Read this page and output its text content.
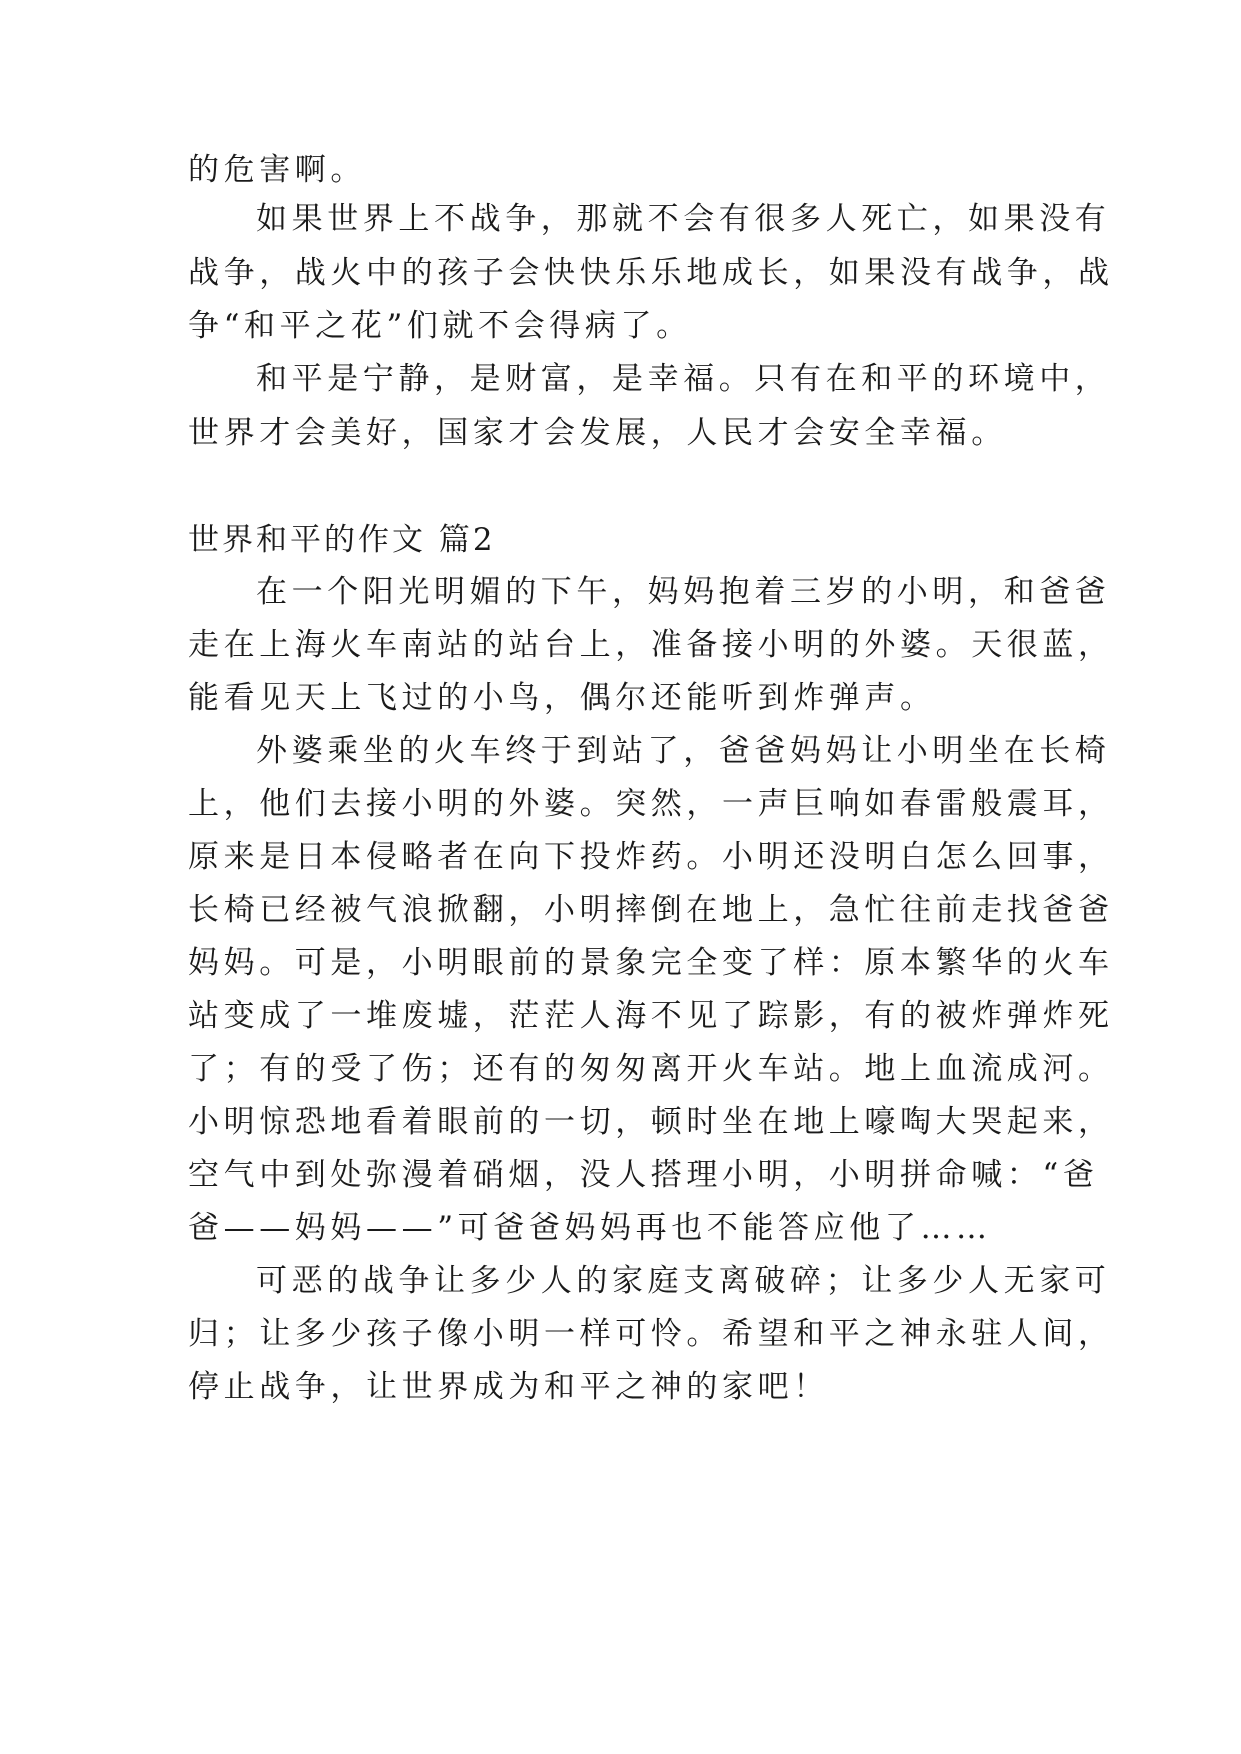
的危害啊。
如果世界上不战争，那就不会有很多人死亡，如果没有
战争，战火中的孩子会快快乐乐地成长，如果没有战争，战
争“和平之花”们就不会得病了。
和平是宁静，是财富，是幸福。只有在和平的环境中，
世界才会美好，国家才会发展，人民才会安全幸福。
世界和平的作文 篇2
在一个阳光明媚的下午，妈妈抱着三岁的小明，和爸爸
走在上海火车南站的站台上，准备接小明的外婆。天很蓝，
能看见天上飞过的小鸟，偶尔还能听到炸弹声。
外婆乘坐的火车终于到站了，爸爸妈妈让小明坐在长椅
上，他们去接小明的外婆。突然，一声巨响如春雷般震耳，
原来是日本侵略者在向下投炸药。小明还没明白怎么回事，
长椅已经被气浪掀翻，小明摔倒在地上，急忙往前走找爸爸
妈妈。可是，小明眼前的景象完全变了样：原本繁华的火车
站变成了一堆废墟，茫茫人海不见了踪影，有的被炸弹炸死
了；有的受了伤；还有的匆匆离开火车站。地上血流成河。
小明惊恐地看着眼前的一切，顿时坐在地上嚎啕大哭起来，
空气中到处弥漫着硝烟，没人搭理小明，小明拼命喊：“爸
爸——妈妈——”可爸爸妈妈再也不能答应他了……
可恶的战争让多少人的家庭支离破碎；让多少人无家可
归；让多少孩子像小明一样可怜。希望和平之神永驻人间，
停止战争，让世界成为和平之神的家吧！
